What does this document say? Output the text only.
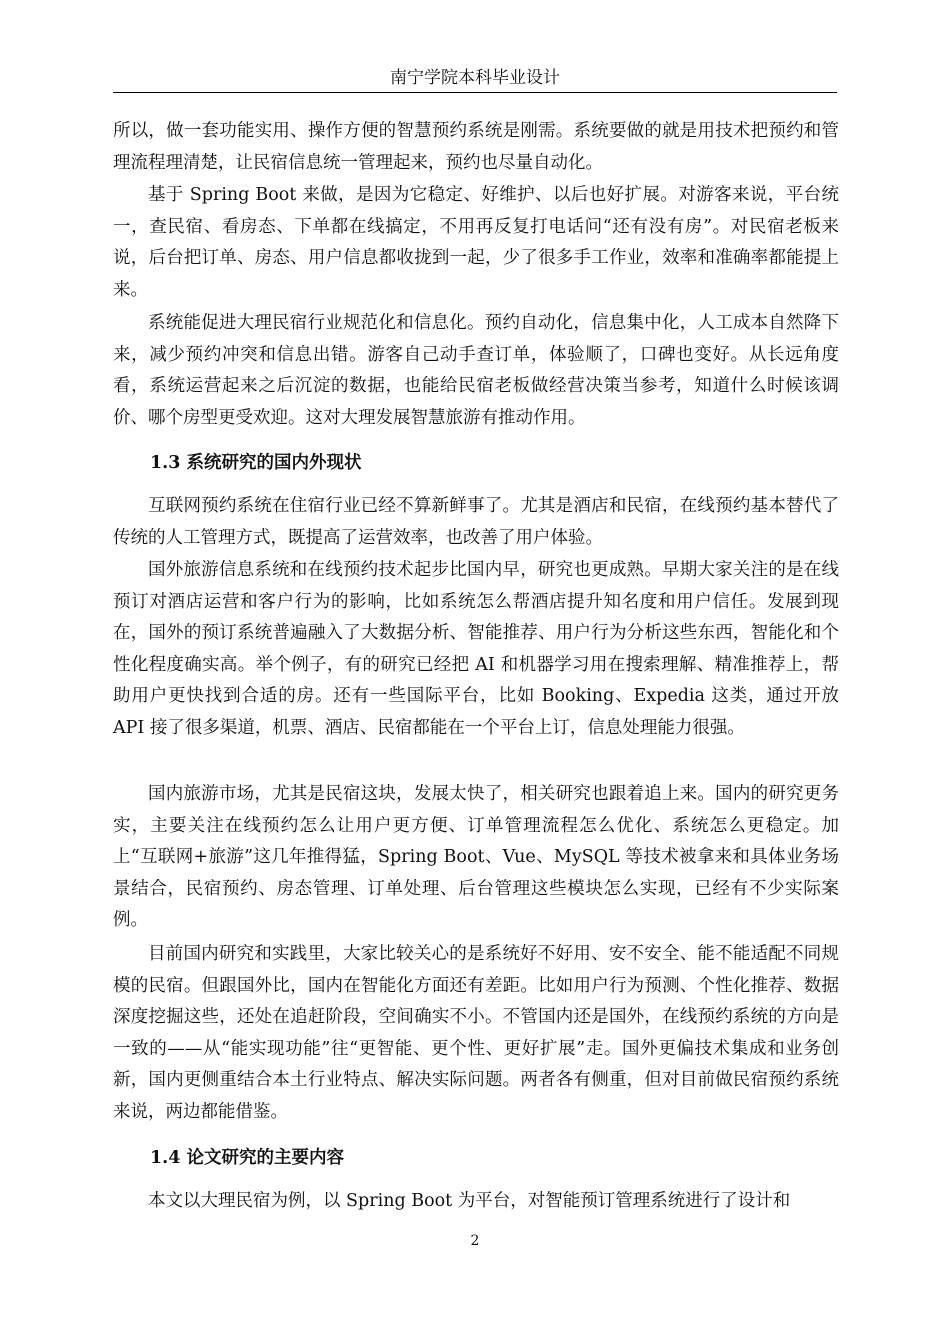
南宁学院本科毕业设计

所以，做一套功能实用、操作方便的智慧预约系统是刚需。系统要做的就是用技术把预约和管理流程理清楚，让民宿信息统一管理起来，预约也尽量自动化。

基于 Spring Boot 来做，是因为它稳定、好维护、以后也好扩展。对游客来说，平台统一，查民宿、看房态、下单都在线搞定，不用再反复打电话问“还有没有房”。对民宿老板来说，后台把订单、房态、用户信息都收拢到一起，少了很多手工作业，效率和准确率都能提上来。

系统能促进大理民宿行业规范化和信息化。预约自动化，信息集中化，人工成本自然降下来，减少预约冲突和信息出错。游客自己动手查订单，体验顺了，口碑也变好。从长远角度看，系统运营起来之后沉淀的数据，也能给民宿老板做经营决策当参考，知道什么时候该调价、哪个房型更受欢迎。这对大理发展智慧旅游有推动作用。

1.3 系统研究的国内外现状

互联网预约系统在住宿行业已经不算新鲜事了。尤其是酒店和民宿，在线预约基本替代了传统的人工管理方式，既提高了运营效率，也改善了用户体验。

国外旅游信息系统和在线预约技术起步比国内早，研究也更成熟。早期大家关注的是在线预订对酒店运营和客户行为的影响，比如系统怎么帮酒店提升知名度和用户信任。发展到现在，国外的预订系统普遍融入了大数据分析、智能推荐、用户行为分析这些东西，智能化和个性化程度确实高。举个例子，有的研究已经把 AI 和机器学习用在搜索理解、精准推荐上，帮助用户更快找到合适的房。还有一些国际平台，比如 Booking、Expedia 这类，通过开放 API 接了很多渠道，机票、酒店、民宿都能在一个平台上订，信息处理能力很强。

国内旅游市场，尤其是民宿这块，发展太快了，相关研究也跟着追上来。国内的研究更务实，主要关注在线预约怎么让用户更方便、订单管理流程怎么优化、系统怎么更稳定。加上“互联网+旅游”这几年推得猛，Spring Boot、Vue、MySQL 等技术被拿来和具体业务场景结合，民宿预约、房态管理、订单处理、后台管理这些模块怎么实现，已经有不少实际案例。

目前国内研究和实践里，大家比较关心的是系统好不好用、安不安全、能不能适配不同规模的民宿。但跟国外比，国内在智能化方面还有差距。比如用户行为预测、个性化推荐、数据深度挖掘这些，还处在追赶阶段，空间确实不小。不管国内还是国外，在线预约系统的方向是一致的——从“能实现功能”往“更智能、更个性、更好扩展”走。国外更偏技术集成和业务创新，国内更侧重结合本土行业特点、解决实际问题。两者各有侧重，但对目前做民宿预约系统来说，两边都能借鉴。

1.4 论文研究的主要内容

本文以大理民宿为例，以 Spring Boot 为平台，对智能预订管理系统进行了设计和

2
